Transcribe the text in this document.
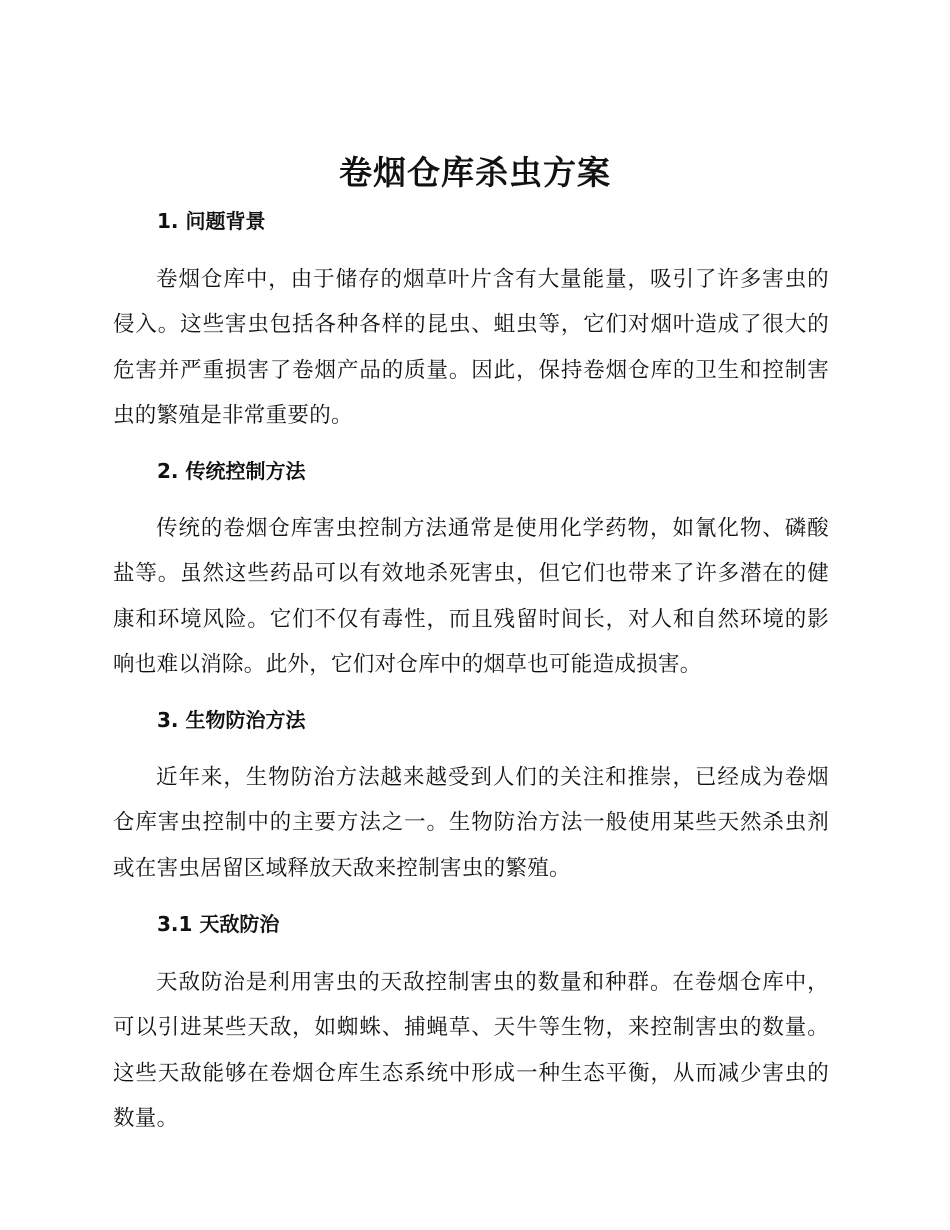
卷烟仓库杀虫方案
1. 问题背景

卷烟仓库中，由于储存的烟草叶片含有大量能量，吸引了许多害虫的侵入。这些害虫包括各种各样的昆虫、蛆虫等，它们对烟叶造成了很大的危害并严重损害了卷烟产品的质量。因此，保持卷烟仓库的卫生和控制害虫的繁殖是非常重要的。

2. 传统控制方法

传统的卷烟仓库害虫控制方法通常是使用化学药物，如氰化物、磷酸盐等。虽然这些药品可以有效地杀死害虫，但它们也带来了许多潜在的健康和环境风险。它们不仅有毒性，而且残留时间长，对人和自然环境的影响也难以消除。此外，它们对仓库中的烟草也可能造成损害。

3. 生物防治方法

近年来，生物防治方法越来越受到人们的关注和推崇，已经成为卷烟仓库害虫控制中的主要方法之一。生物防治方法一般使用某些天然杀虫剂或在害虫居留区域释放天敌来控制害虫的繁殖。

3.1 天敌防治

天敌防治是利用害虫的天敌控制害虫的数量和种群。在卷烟仓库中，可以引进某些天敌，如蜘蛛、捕蝇草、天牛等生物，来控制害虫的数量。这些天敌能够在卷烟仓库生态系统中形成一种生态平衡，从而减少害虫的数量。
